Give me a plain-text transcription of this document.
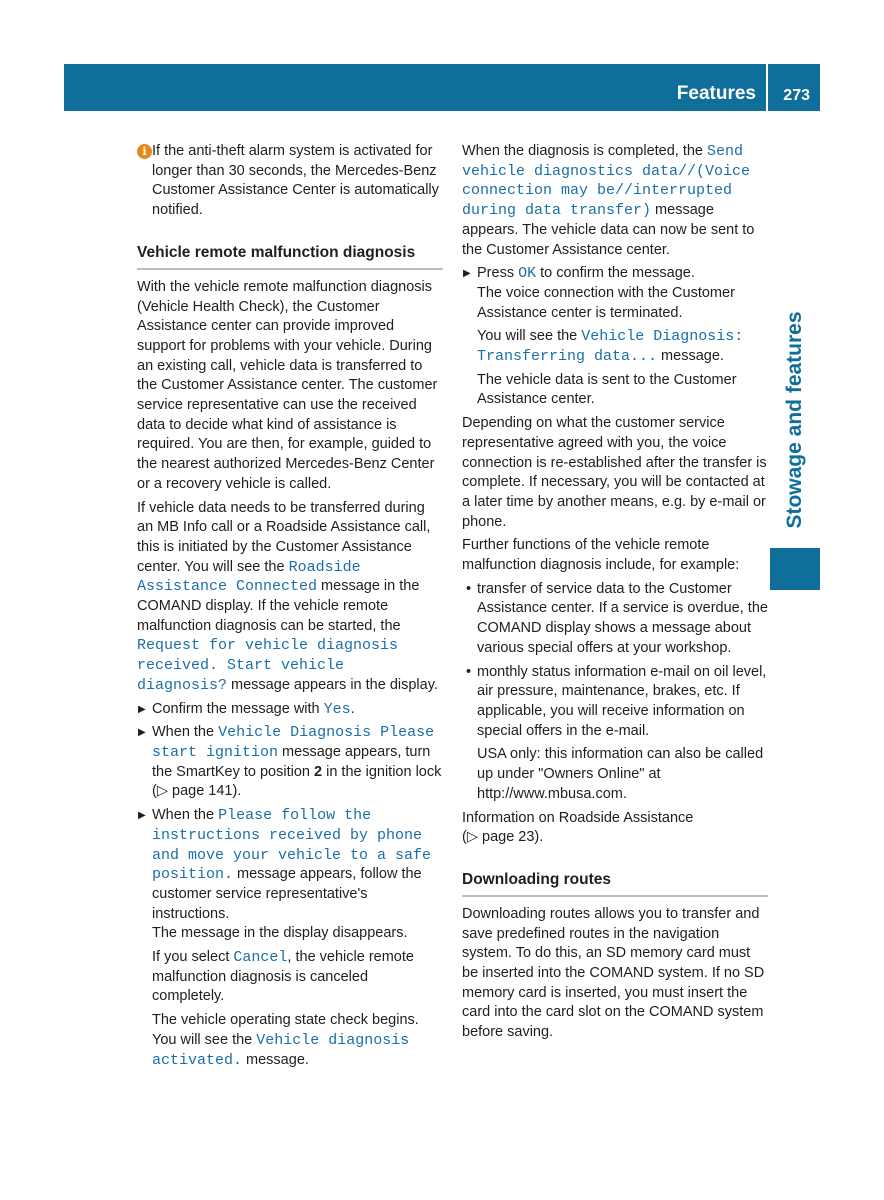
Features 273
Stowage and features
i If the anti-theft alarm system is activated for longer than 30 seconds, the Mercedes-Benz Customer Assistance Center is automatically notified.
Vehicle remote malfunction diagnosis

With the vehicle remote malfunction diagnosis (Vehicle Health Check), the Customer Assistance center can provide improved support for problems with your vehicle. During an existing call, vehicle data is transferred to the Customer Assistance center. The customer service representative can use the received data to decide what kind of assistance is required. You are then, for example, guided to the nearest authorized Mercedes-Benz Center or a recovery vehicle is called.

If vehicle data needs to be transferred during an MB Info call or a Roadside Assistance call, this is initiated by the Customer Assistance center. You will see the Roadside Assistance Connected message in the COMAND display. If the vehicle remote malfunction diagnosis can be started, the Request for vehicle diagnosis received. Start vehicle diagnosis? message appears in the display.

▶ Confirm the message with Yes.
▶ When the Vehicle Diagnosis Please start ignition message appears, turn the SmartKey to position 2 in the ignition lock (▷ page 141).
▶ When the Please follow the instructions received by phone and move your vehicle to a safe position. message appears, follow the customer service representative's instructions.
The message in the display disappears.

If you select Cancel, the vehicle remote malfunction diagnosis is canceled completely.

The vehicle operating state check begins. You will see the Vehicle diagnosis activated. message.

When the diagnosis is completed, the Send vehicle diagnostics data//(Voice connection may be//interrupted during data transfer) message appears. The vehicle data can now be sent to the Customer Assistance center.

▶ Press OK to confirm the message.
The voice connection with the Customer Assistance center is terminated.

You will see the Vehicle Diagnosis: Transferring data... message.

The vehicle data is sent to the Customer Assistance center.

Depending on what the customer service representative agreed with you, the voice connection is re-established after the transfer is complete. If necessary, you will be contacted at a later time by another means, e.g. by e-mail or phone.

Further functions of the vehicle remote malfunction diagnosis include, for example:

• transfer of service data to the Customer Assistance center. If a service is overdue, the COMAND display shows a message about various special offers at your workshop.
• monthly status information e-mail on oil level, air pressure, maintenance, brakes, etc. If applicable, you will receive information on special offers in the e-mail.

USA only: this information can also be called up under "Owners Online" at http://www.mbusa.com.

Information on Roadside Assistance
(▷ page 23).

Downloading routes

Downloading routes allows you to transfer and save predefined routes in the navigation system. To do this, an SD memory card must be inserted into the COMAND system. If no SD memory card is inserted, you must insert the card into the card slot on the COMAND system before saving.
